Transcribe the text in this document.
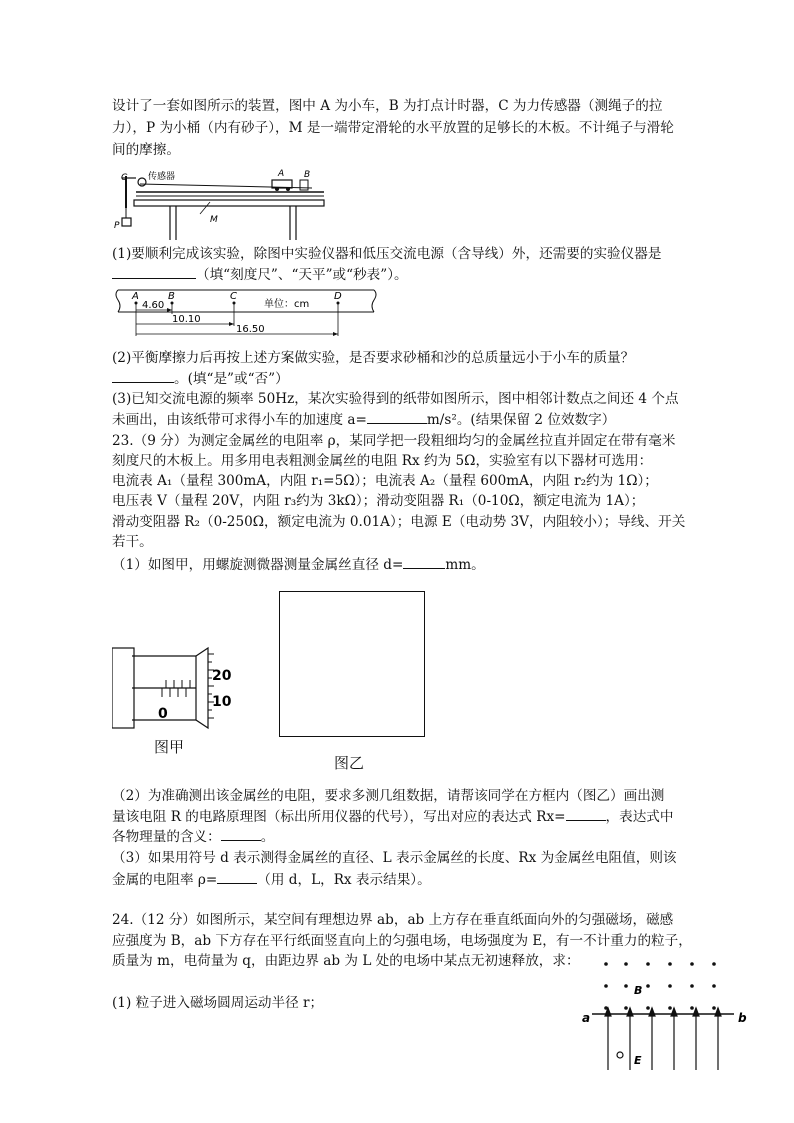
设计了一套如图所示的装置，图中 A 为小车，B 为打点计时器，C 为力传感器（测绳子的拉
力），P 为小桶（内有砂子），M 是一端带定滑轮的水平放置的足够长的木板。不计绳子与滑轮
间的摩擦。
C 传感器	A B
P
M
(1)要顺利完成该实验，除图中实验仪器和低压交流电源（含导线）外，还需要的实验仪器是
（填“刻度尺”、“天平”或“秒表”）。
A	B	C	D
单位：cm
4.60
10.10
16.50
(2)平衡摩擦力后再按上述方案做实验，是否要求砂桶和沙的总质量远小于小车的质量？
。(填“是”或“否”）
(3)已知交流电源的频率 50Hz，某次实验得到的纸带如图所示，图中相邻计数点之间还 4 个点
未画出，由该纸带可求得小车的加速度 a=	m/s²。(结果保留 2 位效数字）
23.（9 分）为测定金属丝的电阻率 ρ，某同学把一段粗细均匀的金属丝拉直并固定在带有毫米
刻度尺的木板上。用多用电表粗测金属丝的电阻 Rx 约为 5Ω，实验室有以下器材可选用：
电流表 A₁（量程 300mA，内阻 r₁=5Ω）；电流表 A₂（量程 600mA，内阻 r₂约为 1Ω）；
电压表 V（量程 20V，内阻 r₃约为 3kΩ）；滑动变阻器 R₁（0-10Ω，额定电流为 1A）；
滑动变阻器 R₂（0-250Ω，额定电流为 0.01A）；电源 E（电动势 3V，内阻较小）；导线、开关
若干。
（1）如图甲，用螺旋测微器测量金属丝直径 d=	mm。
20
10
0
图甲
图乙
（2）为准确测出该金属丝的电阻，要求多测几组数据，请帮该同学在方框内（图乙）画出测
量该电阻 R 的电路原理图（标出所用仪器的代号），写出对应的表达式 Rx=	，表达式中
各物理量的含义：	。
（3）如果用符号 d 表示测得金属丝的直径、L 表示金属丝的长度、Rx 为金属丝电阻值，则该
金属的电阻率 ρ=	（用 d，L，Rx 表示结果）。
24.（12 分）如图所示，某空间有理想边界 ab，ab 上方存在垂直纸面向外的匀强磁场，磁感
应强度为 B，ab 下方存在平行纸面竖直向上的匀强电场，电场强度为 E，有一不计重力的粒子，
质量为 m，电荷量为 q，由距边界 ab 为 L 处的电场中某点无初速释放，求：
(1) 粒子进入磁场圆周运动半径 r；
a	b
B
E
